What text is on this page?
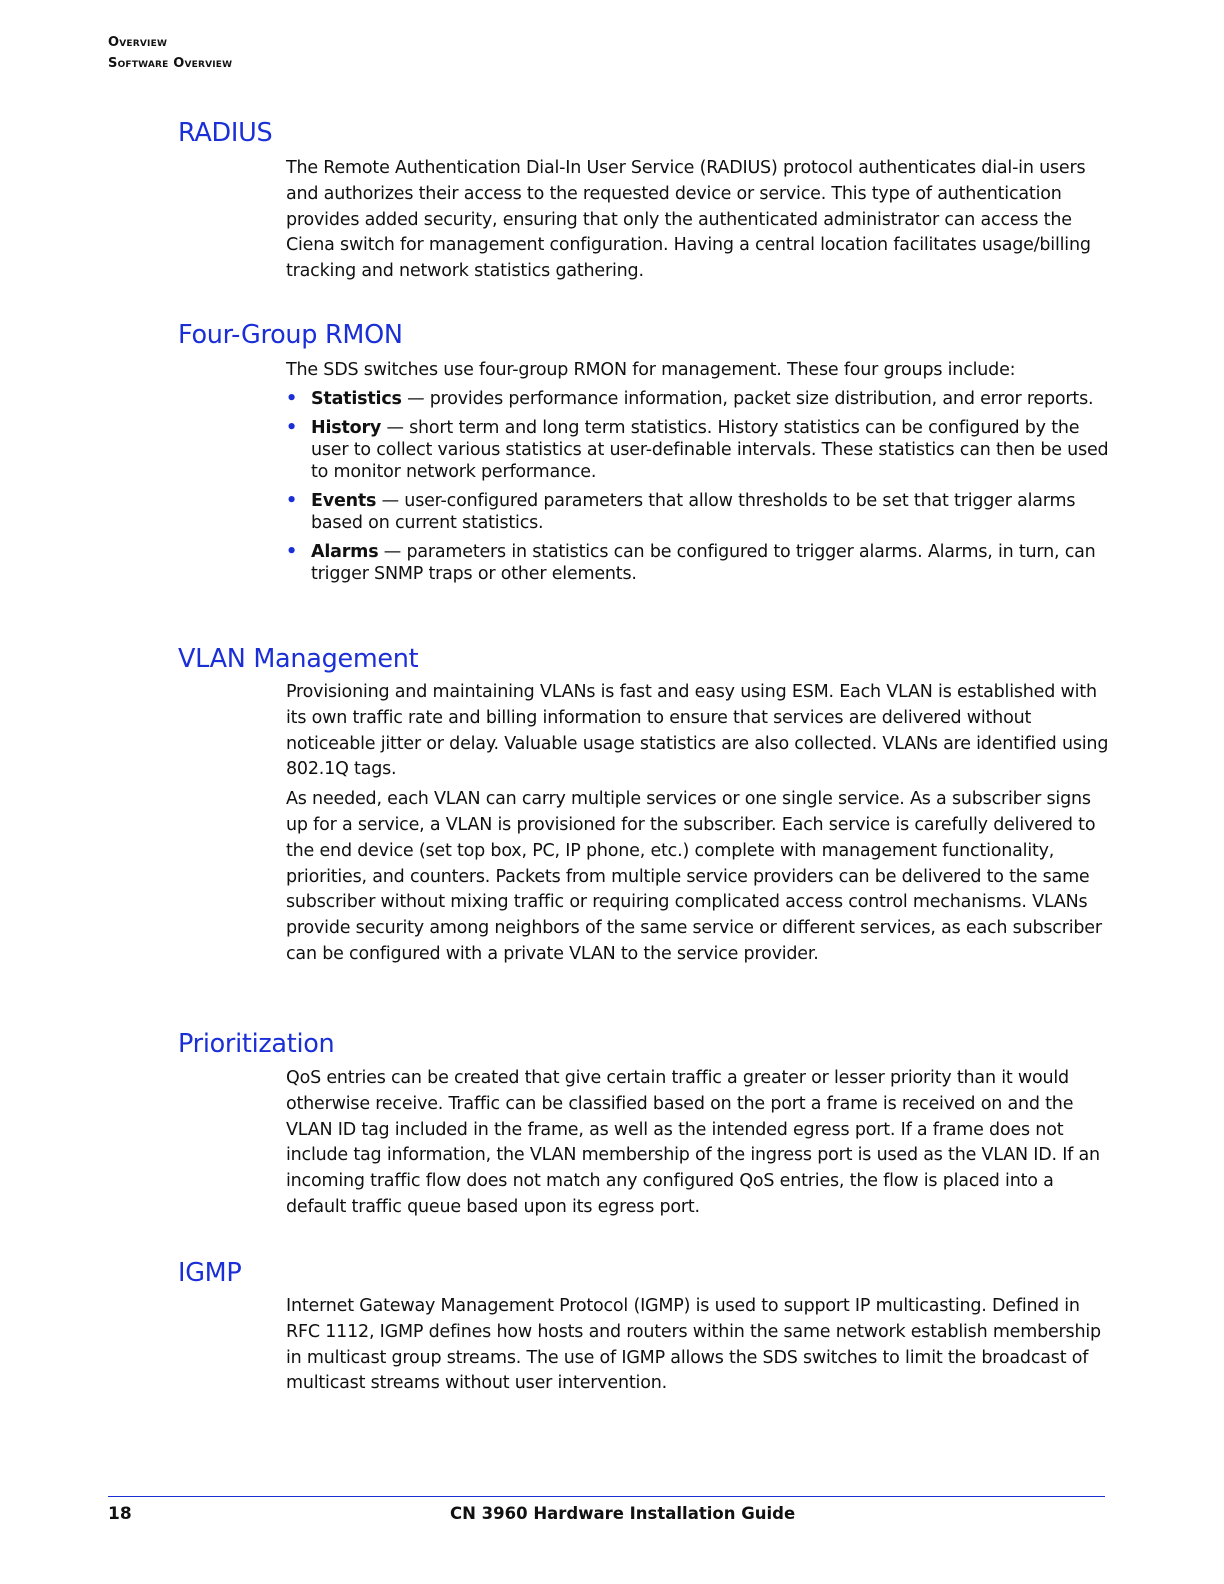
Overview
Software Overview
RADIUS

The Remote Authentication Dial-In User Service (RADIUS) protocol authenticates dial-in users and authorizes their access to the requested device or service. This type of authentication provides added security, ensuring that only the authenticated administrator can access the Ciena switch for management configuration. Having a central location facilitates usage/billing tracking and network statistics gathering.

Four-Group RMON

The SDS switches use four-group RMON for management. These four groups include:

• Statistics — provides performance information, packet size distribution, and error reports.
• History — short term and long term statistics. History statistics can be configured by the user to collect various statistics at user-definable intervals. These statistics can then be used to monitor network performance.
• Events — user-configured parameters that allow thresholds to be set that trigger alarms based on current statistics.
• Alarms — parameters in statistics can be configured to trigger alarms. Alarms, in turn, can trigger SNMP traps or other elements.
VLAN Management

Provisioning and maintaining VLANs is fast and easy using ESM. Each VLAN is established with its own traffic rate and billing information to ensure that services are delivered without noticeable jitter or delay. Valuable usage statistics are also collected. VLANs are identified using 802.1Q tags.

As needed, each VLAN can carry multiple services or one single service. As a subscriber signs up for a service, a VLAN is provisioned for the subscriber. Each service is carefully delivered to the end device (set top box, PC, IP phone, etc.) complete with management functionality, priorities, and counters. Packets from multiple service providers can be delivered to the same subscriber without mixing traffic or requiring complicated access control mechanisms. VLANs provide security among neighbors of the same service or different services, as each subscriber can be configured with a private VLAN to the service provider.

Prioritization

QoS entries can be created that give certain traffic a greater or lesser priority than it would otherwise receive. Traffic can be classified based on the port a frame is received on and the VLAN ID tag included in the frame, as well as the intended egress port. If a frame does not include tag information, the VLAN membership of the ingress port is used as the VLAN ID. If an incoming traffic flow does not match any configured QoS entries, the flow is placed into a default traffic queue based upon its egress port.

IGMP

Internet Gateway Management Protocol (IGMP) is used to support IP multicasting. Defined in RFC 1112, IGMP defines how hosts and routers within the same network establish membership in multicast group streams. The use of IGMP allows the SDS switches to limit the broadcast of multicast streams without user intervention.

18	CN 3960 Hardware Installation Guide
